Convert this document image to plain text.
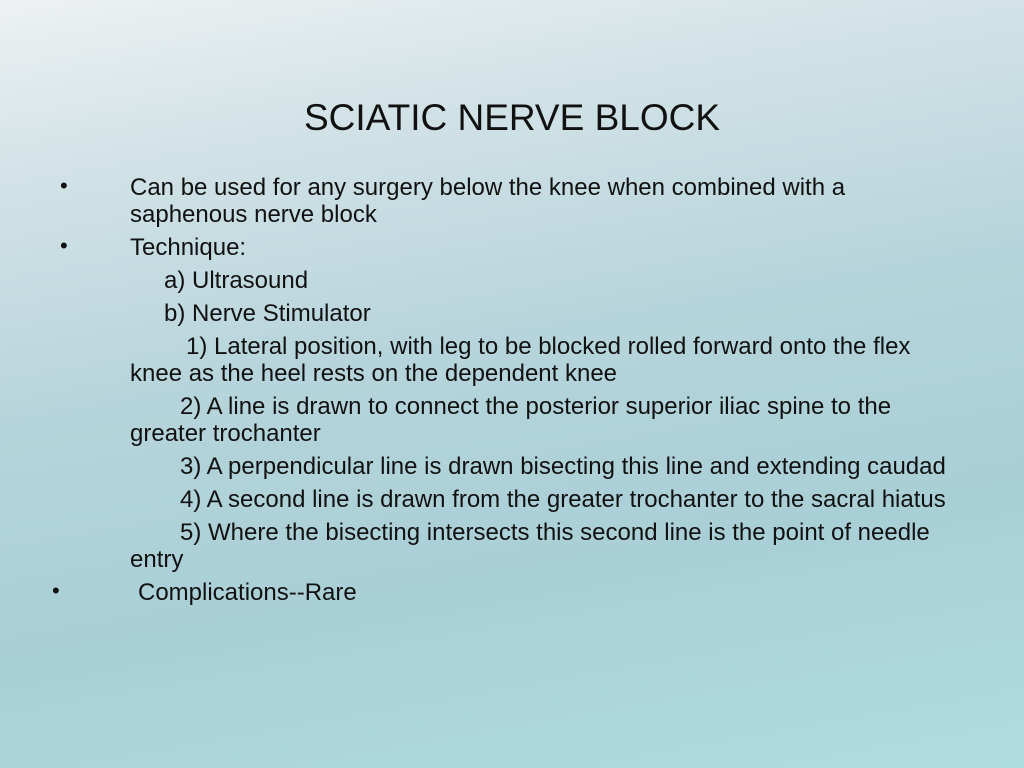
SCIATIC NERVE BLOCK
•	Can be used for any surgery below the knee when combined with a saphenous nerve block
•	Technique:
a) Ultrasound
b) Nerve Stimulator
1) Lateral position, with leg to be blocked rolled forward onto the flex knee as the heel rests on the dependent knee
2) A line is drawn to connect the posterior superior iliac spine to the greater trochanter
3) A perpendicular line is drawn bisecting this line and extending caudad
4) A second line is drawn from the greater trochanter to the sacral hiatus
5) Where the bisecting intersects this second line is the point of needle entry
•	Complications--Rare
